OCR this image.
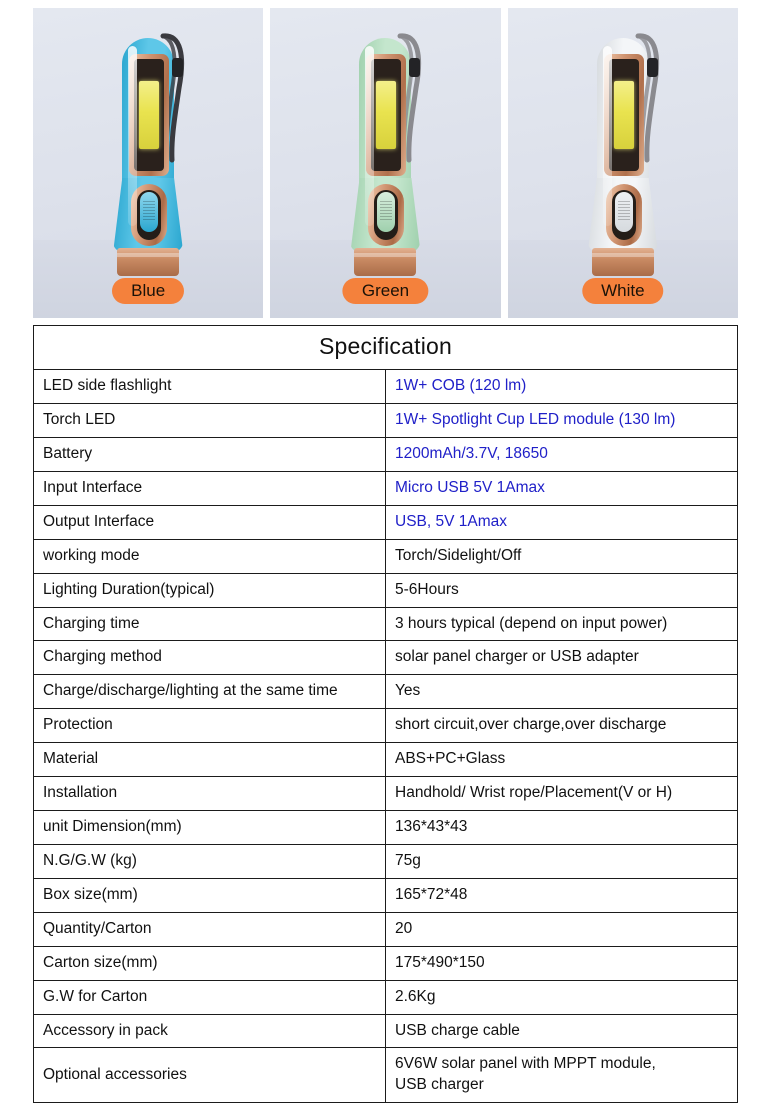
Blue	Green	White
Specification	
LED side flashlight	1W+ COB (120 lm)
Torch LED	1W+ Spotlight Cup LED module (130 lm)
Battery	1200mAh/3.7V, 18650
Input Interface	Micro USB 5V 1Amax
Output Interface	USB, 5V 1Amax
working mode	Torch/Sidelight/Off
Lighting Duration(typical)	5-6Hours
Charging time	3 hours typical (depend on input power)
Charging method	solar panel charger or USB adapter
Charge/discharge/lighting at the same time	Yes
Protection	short circuit,over charge,over discharge
Material	ABS+PC+Glass
Installation	Handhold/ Wrist rope/Placement(V or H)
unit Dimension(mm)	136*43*43
N.G/G.W (kg)	75g
Box size(mm)	165*72*48
Quantity/Carton	20
Carton size(mm)	175*490*150
G.W for Carton	2.6Kg
Accessory in pack	USB charge cable
Optional accessories	6V6W solar panel with MPPT module,
USB charger
